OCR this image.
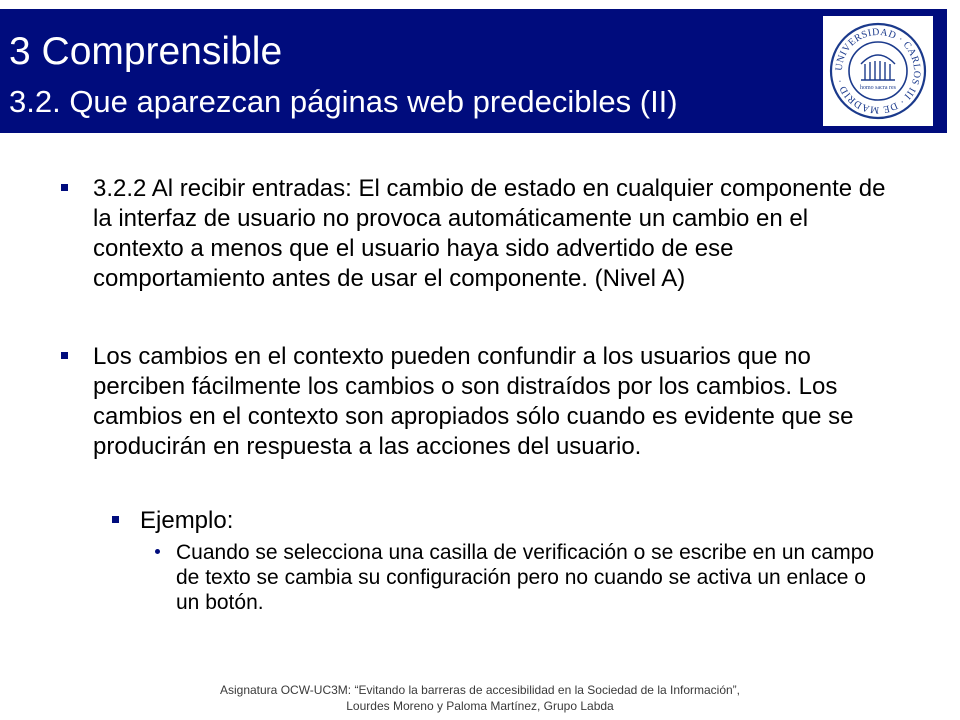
3 Comprensible
3.2. Que aparezcan páginas web predecibles (II)
UNIVERSIDAD · CARLOS III · DE MADRID ·
homo sacra res
3.2.2 Al recibir entradas: El cambio de estado en cualquier componente de la interfaz de usuario no provoca automáticamente un cambio en el contexto a menos que el usuario haya sido advertido de ese comportamiento antes de usar el componente. (Nivel A)
Los cambios en el contexto pueden confundir a los usuarios que no perciben fácilmente los cambios o son distraídos por los cambios. Los cambios en el contexto son apropiados sólo cuando es evidente que se producirán en respuesta a las acciones del usuario.
Ejemplo:
Cuando se selecciona una casilla de verificación o se escribe en un campo de texto se cambia su configuración pero no cuando se activa un enlace o un botón.
Asignatura OCW-UC3M: “Evitando la barreras de accesibilidad en la Sociedad de la Información”,
Lourdes Moreno y Paloma Martínez, Grupo Labda
